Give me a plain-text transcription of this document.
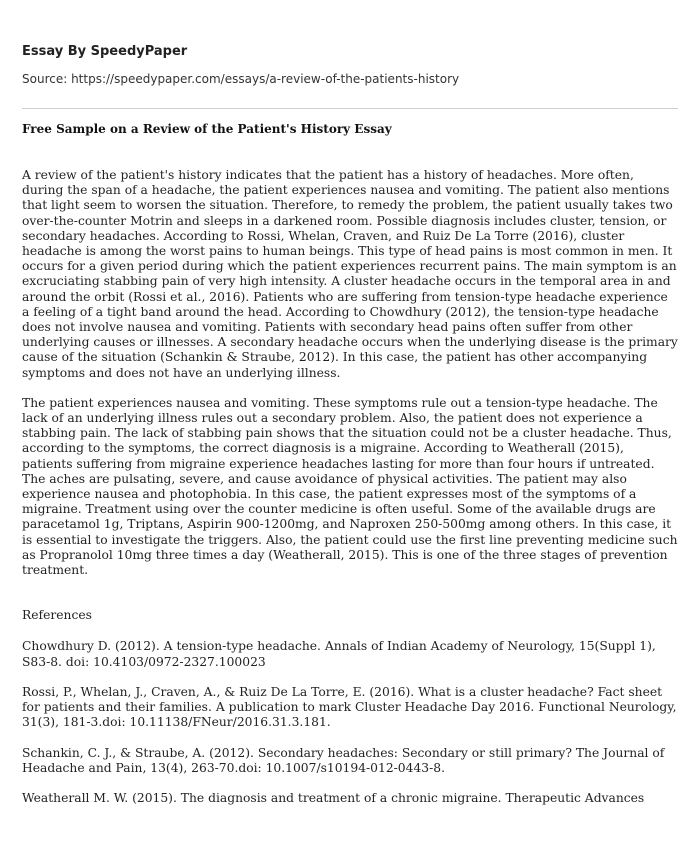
Essay By SpeedyPaper
Source: https://speedypaper.com/essays/a-review-of-the-patients-history
Free Sample on a Review of the Patient's History Essay

A review of the patient's history indicates that the patient has a history of headaches. More often, during the span of a headache, the patient experiences nausea and vomiting. The patient also mentions that light seem to worsen the situation. Therefore, to remedy the problem, the patient usually takes two over-the-counter Motrin and sleeps in a darkened room. Possible diagnosis includes cluster, tension, or secondary headaches. According to Rossi, Whelan, Craven, and Ruiz De La Torre (2016), cluster headache is among the worst pains to human beings. This type of head pains is most common in men. It occurs for a given period during which the patient experiences recurrent pains. The main symptom is an excruciating stabbing pain of very high intensity. A cluster headache occurs in the temporal area in and around the orbit (Rossi et al., 2016). Patients who are suffering from tension-type headache experience a feeling of a tight band around the head. According to Chowdhury (2012), the tension-type headache does not involve nausea and vomiting. Patients with secondary head pains often suffer from other underlying causes or illnesses. A secondary headache occurs when the underlying disease is the primary cause of the situation (Schankin & Straube, 2012). In this case, the patient has other accompanying symptoms and does not have an underlying illness.

The patient experiences nausea and vomiting. These symptoms rule out a tension-type headache. The lack of an underlying illness rules out a secondary problem. Also, the patient does not experience a stabbing pain. The lack of stabbing pain shows that the situation could not be a cluster headache. Thus, according to the symptoms, the correct diagnosis is a migraine. According to Weatherall (2015), patients suffering from migraine experience headaches lasting for more than four hours if untreated. The aches are pulsating, severe, and cause avoidance of physical activities. The patient may also experience nausea and photophobia. In this case, the patient expresses most of the symptoms of a migraine. Treatment using over the counter medicine is often useful. Some of the available drugs are paracetamol 1g, Triptans, Aspirin 900-1200mg, and Naproxen 250-500mg among others. In this case, it is essential to investigate the triggers. Also, the patient could use the first line preventing medicine such as Propranolol 10mg three times a day (Weatherall, 2015). This is one of the three stages of prevention treatment.

References

Chowdhury D. (2012). A tension-type headache. Annals of Indian Academy of Neurology, 15(Suppl 1), S83-8. doi: 10.4103/0972-2327.100023

Rossi, P., Whelan, J., Craven, A., & Ruiz De La Torre, E. (2016). What is a cluster headache? Fact sheet for patients and their families. A publication to mark Cluster Headache Day 2016. Functional Neurology, 31(3), 181-3.doi: 10.11138/FNeur/2016.31.3.181.

Schankin, C. J., & Straube, A. (2012). Secondary headaches: Secondary or still primary? The Journal of Headache and Pain, 13(4), 263-70.doi: 10.1007/s10194-012-0443-8.

Weatherall M. W. (2015). The diagnosis and treatment of a chronic migraine. Therapeutic Advances
